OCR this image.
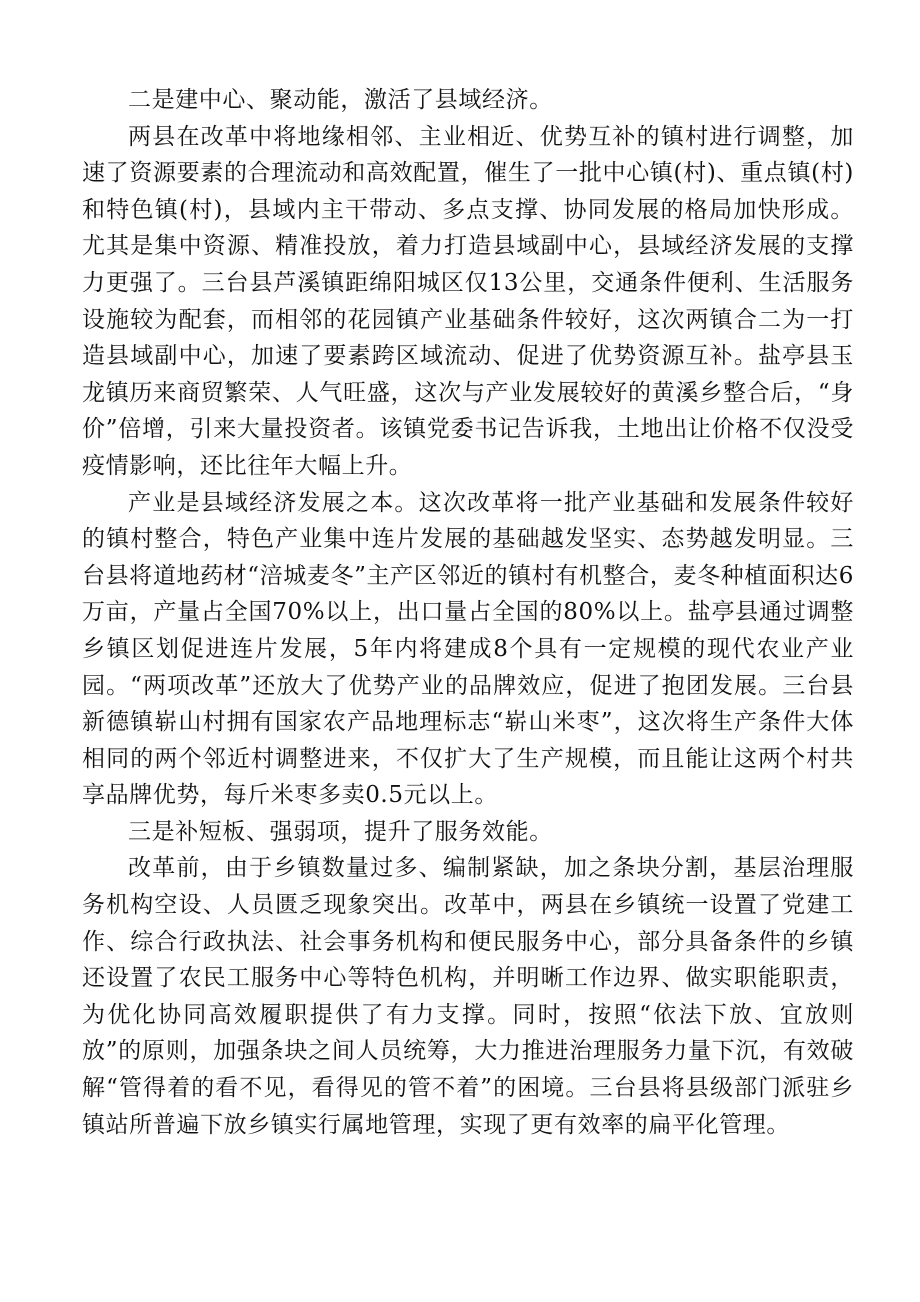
二是建中心、聚动能，激活了县域经济。

两县在改革中将地缘相邻、主业相近、优势互补的镇村进行调整，加速了资源要素的合理流动和高效配置，催生了一批中心镇(村)、重点镇(村)和特色镇(村)，县域内主干带动、多点支撑、协同发展的格局加快形成。尤其是集中资源、精准投放，着力打造县域副中心，县域经济发展的支撑力更强了。三台县芦溪镇距绵阳城区仅13公里，交通条件便利、生活服务设施较为配套，而相邻的花园镇产业基础条件较好，这次两镇合二为一打造县域副中心，加速了要素跨区域流动、促进了优势资源互补。盐亭县玉龙镇历来商贸繁荣、人气旺盛，这次与产业发展较好的黄溪乡整合后，“身价”倍增，引来大量投资者。该镇党委书记告诉我，土地出让价格不仅没受疫情影响，还比往年大幅上升。

产业是县域经济发展之本。这次改革将一批产业基础和发展条件较好的镇村整合，特色产业集中连片发展的基础越发坚实、态势越发明显。三台县将道地药材“涪城麦冬”主产区邻近的镇村有机整合，麦冬种植面积达6万亩，产量占全国70%以上，出口量占全国的80%以上。盐亭县通过调整乡镇区划促进连片发展，5年内将建成8个具有一定规模的现代农业产业园。“两项改革”还放大了优势产业的品牌效应，促进了抱团发展。三台县新德镇崭山村拥有国家农产品地理标志“崭山米枣”，这次将生产条件大体相同的两个邻近村调整进来，不仅扩大了生产规模，而且能让这两个村共享品牌优势，每斤米枣多卖0.5元以上。

三是补短板、强弱项，提升了服务效能。

改革前，由于乡镇数量过多、编制紧缺，加之条块分割，基层治理服务机构空设、人员匮乏现象突出。改革中，两县在乡镇统一设置了党建工作、综合行政执法、社会事务机构和便民服务中心，部分具备条件的乡镇还设置了农民工服务中心等特色机构，并明晰工作边界、做实职能职责，为优化协同高效履职提供了有力支撑。同时，按照“依法下放、宜放则放”的原则，加强条块之间人员统筹，大力推进治理服务力量下沉，有效破解“管得着的看不见，看得见的管不着”的困境。三台县将县级部门派驻乡镇站所普遍下放乡镇实行属地管理，实现了更有效率的扁平化管理。
